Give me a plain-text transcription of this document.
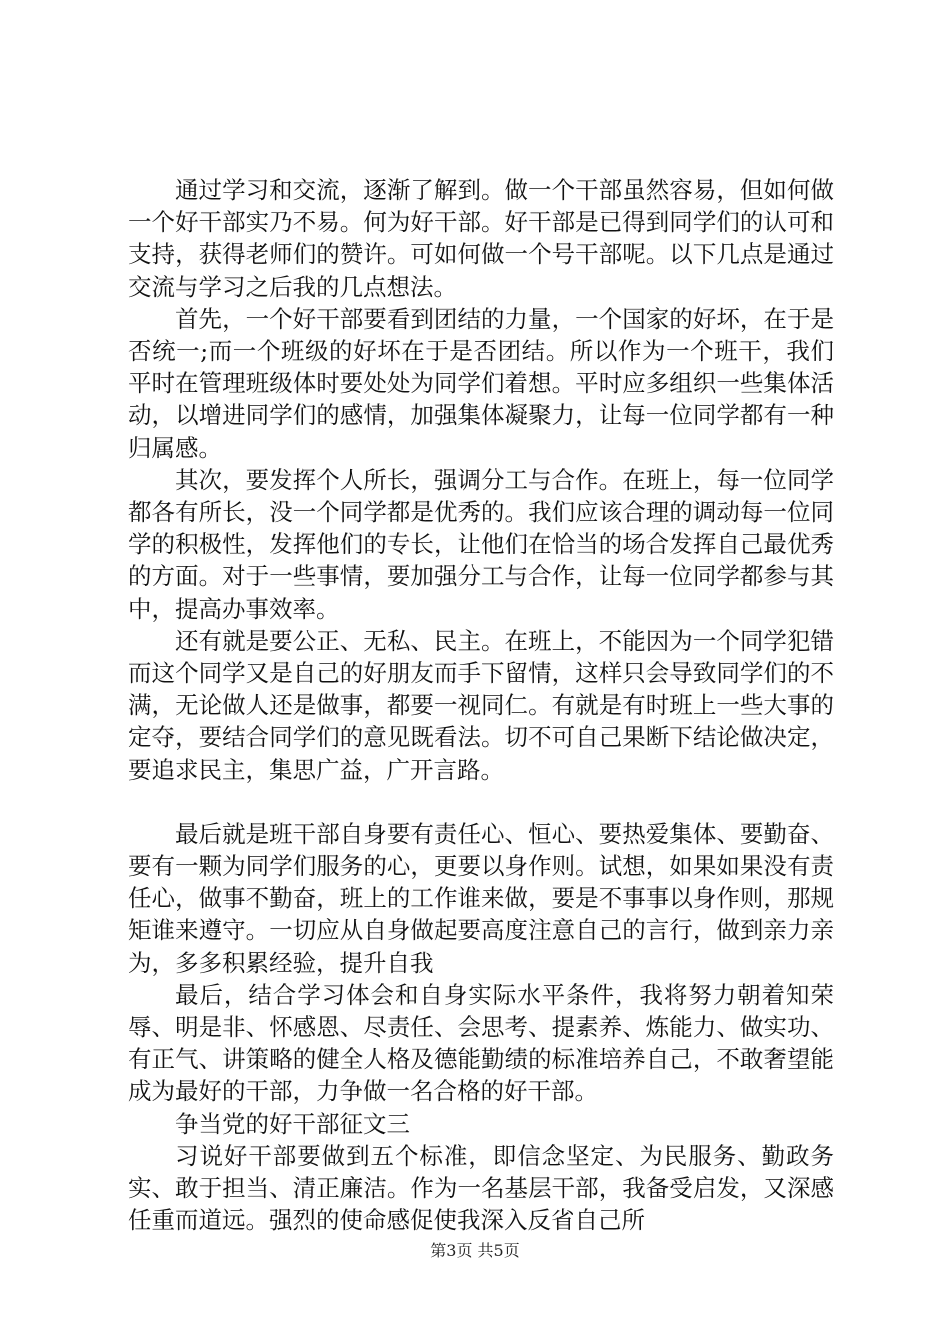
通过学习和交流，逐渐了解到。做一个干部虽然容易，但如何做一个好干部实乃不易。何为好干部。好干部是已得到同学们的认可和支持，获得老师们的赞许。可如何做一个号干部呢。以下几点是通过交流与学习之后我的几点想法。

首先，一个好干部要看到团结的力量，一个国家的好坏，在于是否统一;而一个班级的好坏在于是否团结。所以作为一个班干，我们平时在管理班级体时要处处为同学们着想。平时应多组织一些集体活动，以增进同学们的感情，加强集体凝聚力，让每一位同学都有一种归属感。

其次，要发挥个人所长，强调分工与合作。在班上，每一位同学都各有所长，没一个同学都是优秀的。我们应该合理的调动每一位同学的积极性，发挥他们的专长，让他们在恰当的场合发挥自己最优秀的方面。对于一些事情，要加强分工与合作，让每一位同学都参与其中，提高办事效率。

还有就是要公正、无私、民主。在班上，不能因为一个同学犯错而这个同学又是自己的好朋友而手下留情，这样只会导致同学们的不满，无论做人还是做事，都要一视同仁。有就是有时班上一些大事的定夺，要结合同学们的意见既看法。切不可自己果断下结论做决定，要追求民主，集思广益，广开言路。

最后就是班干部自身要有责任心、恒心、要热爱集体、要勤奋、要有一颗为同学们服务的心，更要以身作则。试想，如果如果没有责任心，做事不勤奋，班上的工作谁来做，要是不事事以身作则，那规矩谁来遵守。一切应从自身做起要高度注意自己的言行，做到亲力亲为，多多积累经验，提升自我

最后，结合学习体会和自身实际水平条件，我将努力朝着知荣辱、明是非、怀感恩、尽责任、会思考、提素养、炼能力、做实功、有正气、讲策略的健全人格及德能勤绩的标准培养自己，不敢奢望能成为最好的干部，力争做一名合格的好干部。

争当党的好干部征文三

习说好干部要做到五个标准，即信念坚定、为民服务、勤政务实、敢于担当、清正廉洁。作为一名基层干部，我备受启发，又深感任重而道远。强烈的使命感促使我深入反省自己所

第3页 共5页
